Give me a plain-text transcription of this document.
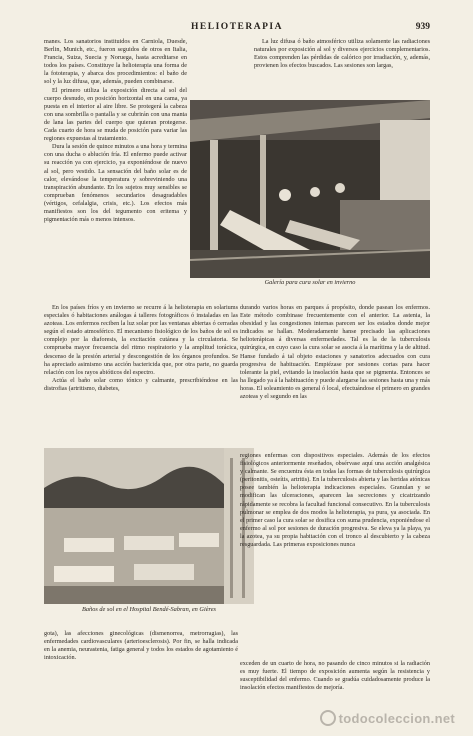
HELIOTERAPIA	939

manes. Los sanatorios instituidos en Carniola, Duesde, Berlin, Munich, etc., fueron seguidos de otros en Italia, Francia, Suiza, Suecia y Noruega, hasta acreditarse en todos los países. Constituye la helioterapia una forma de la fototerapia, y abarca dos procedimientos: el baño de sol y la luz difusa, que, además, pueden combinarse.

El primero utiliza la exposición directa al sol del cuerpo desnudo, en posición horizontal en una cama, ya puesta en el interior al aire libre. Se protegerá la cabeza con una sombrilla o pantalla y se cubrirán con una manta de lana las partes del cuerpo que quieran protegerse. Cada cuarto de hora se muda de posición para variar las regiones expuestas al tratamiento.

Dura la sesión de quince minutos a una hora y termina con una ducha o ablución fría. El enfermo puede activar su reacción ya con ejercicio, ya exponiéndose de nuevo al sol, pero vestido. La sensación del baño solar es de calor, elevándose la temperatura y sobreviniendo una transpiración abundante. En los sujetos muy sensibles se comprueban fenómenos secundarios desagradables (vértigos, cefalalgia, crisis, etc.). Los efectos más manifiestos son los del tegumento con eritema y pigmentación más o menos intensos.

La luz difusa ó baño atmosférico utiliza solamente las radiaciones naturales por exposición al sol y diversos ejercicios complementarios. Estos comprenden las pérdidas de calórico por irradiación, y, además, provienen los efectos buscados. Las sesiones son largas,

Galería para cura solar en invierno

En los países fríos y en invierno se recurre á la helioterapia en solariums especiales ó habitaciones análogas á talleres fotográficos ó instaladas en las azoteas. Los enfermos reciben la luz solar por las ventanas abiertas ó cerradas según el estado atmosférico. El mecanismo fisiológico de los baños de sol es complejo por la diaforesis, la excitación cutánea y la circulatoria. Se comprueba mayor frecuencia del ritmo respiratorio y la amplitud torácica, descenso de la presión arterial y descongestión de los órganos profundos. Se ha apreciado asimismo una acción bactericida que, por otra parte, no guarda relación con los rayos abióticos del espectro.

Actúa el baño solar como tónico y calmante, prescribiéndose en las distrofias (artritismo, diabetes,

durando varios horas en parques á propósito, donde pasean los enfermos. Este método combinase frecuentemente con el anterior. La astenia, la obesidad y las congestiones internas parecen ser los estados donde mejor indicados se hallan. Moderadamente hanse precisado las aplicaciones helioterápicas á diversas enfermedades. Tal es la de la tuberculosis quirúrgica, en cuyo caso la cura solar se asocia á la marítima y la de altitud. Hanse fundado á tal objeto estaciones y sanatorios adecuados con cura progresiva de habituación. Empiézase por sesiones cortas para hacer tolerante la piel, evitando la insolación hasta que se pigmenta. Entonces se ha llegado ya á la habituación y puede alargarse las sesiones hasta una y más horas. El soleamiento es general ó local, efectuándose el primero en grandes azoteas y el segundo en las

Baños de sol en el Hospital Bendé-Sabran, en Gières

regiones enfermas con dispositivos especiales. Además de los efectos fisiológicos anteriormente reseñados, obsérvase aquí una acción analgésica y calmante. Se encuentra ésta en todas las formas de tuberculosis quirúrgica (peritonitis, osteítis, artritis). En la tuberculosis abierta y las heridas atónicas posee también la helioterapia indicaciones especiales. Granulan y se modifican las ulceraciones, aparecen las secreciones y cicatrizando rápidamente se recobra la facultad funcional consecutivo. En la tuberculosis pulmonar se emplea de dos modos la helioterapia, ya pura, ya asociada. En el primer caso la cura solar se dosifica con suma prudencia, exponiéndose el enfermo al sol por sesiones de duración progresiva. Se eleva ya la playa, ya la azotea, ya su propia habitación con el tronco al descubierto y la cabeza resguardada. Las primeras exposiciones nunca

gota), las afecciones ginecológicas (dismenorrea, metrorragias), las enfermedades cardiovasculares (arterioesclerosis). Por fin, se halla indicada en la anemia, neurastenia, fatiga general y todos los estados de agotamiento é intoxicación.

exceden de un cuarto de hora, no pasando de cinco minutos si la radiación es muy fuerte. El tiempo de exposición aumenta según la resistencia y susceptibilidad del enfermo. Cuando se gradúa cuidadosamente produce la insolación efectos manifiestos de mejoría.

todocoleccion.net
